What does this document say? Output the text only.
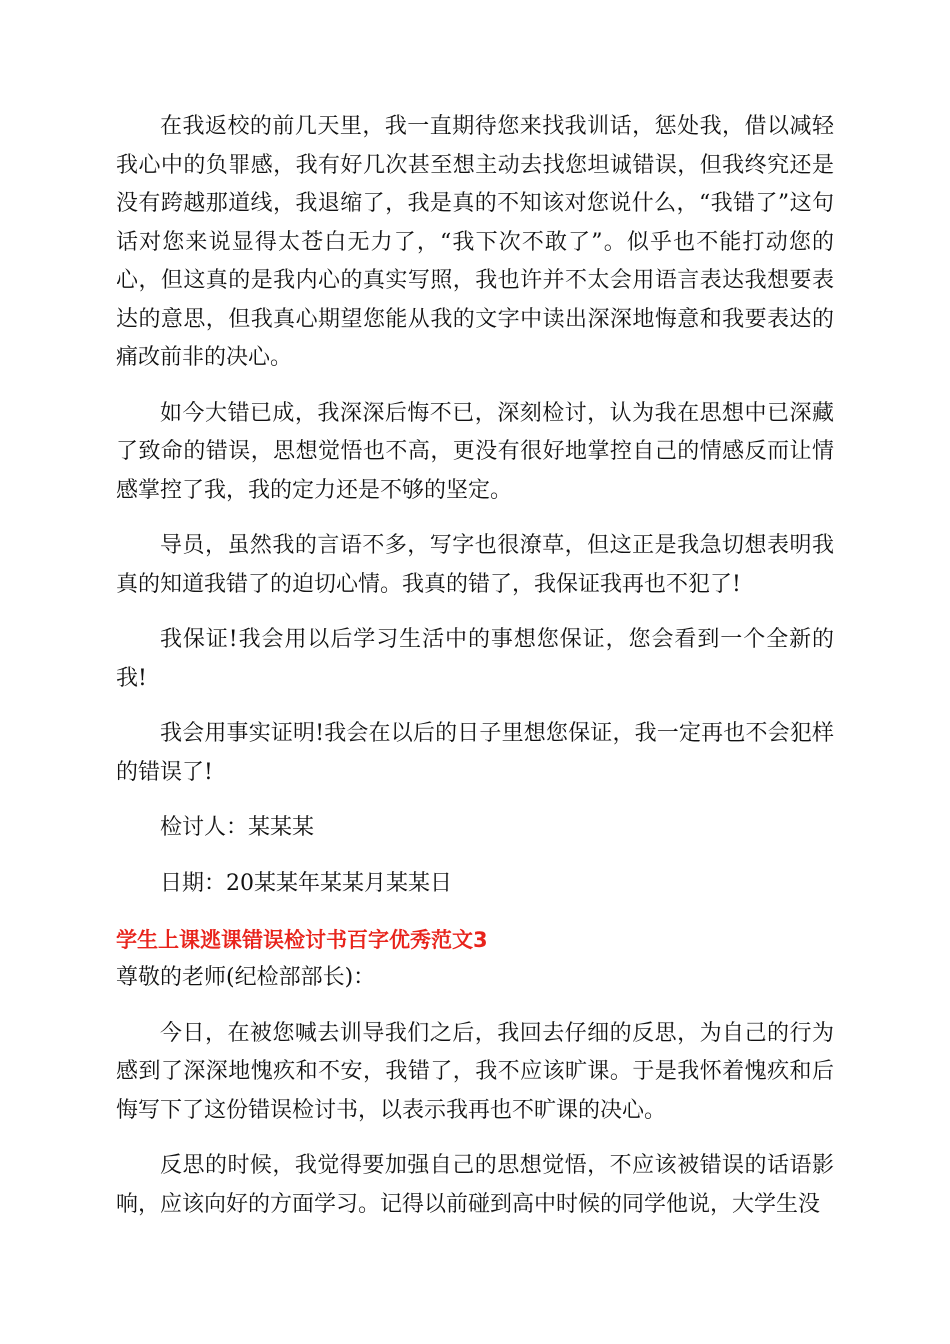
在我返校的前几天里，我一直期待您来找我训话，惩处我，借以减轻我心中的负罪感，我有好几次甚至想主动去找您坦诚错误，但我终究还是没有跨越那道线，我退缩了，我是真的不知该对您说什么，“我错了”这句话对您来说显得太苍白无力了，“我下次不敢了”。似乎也不能打动您的心，但这真的是我内心的真实写照，我也许并不太会用语言表达我想要表达的意思，但我真心期望您能从我的文字中读出深深地悔意和我要表达的痛改前非的决心。

如今大错已成，我深深后悔不已，深刻检讨，认为我在思想中已深藏了致命的错误，思想觉悟也不高，更没有很好地掌控自己的情感反而让情感掌控了我，我的定力还是不够的坚定。

导员，虽然我的言语不多，写字也很潦草，但这正是我急切想表明我真的知道我错了的迫切心情。我真的错了，我保证我再也不犯了!

我保证!我会用以后学习生活中的事想您保证，您会看到一个全新的我!

我会用事实证明!我会在以后的日子里想您保证，我一定再也不会犯样的错误了!

检讨人：某某某

日期：20某某年某某月某某日

学生上课逃课错误检讨书百字优秀范文3

尊敬的老师(纪检部部长)：

今日，在被您喊去训导我们之后，我回去仔细的反思，为自己的行为感到了深深地愧疚和不安，我错了，我不应该旷课。于是我怀着愧疚和后悔写下了这份错误检讨书，以表示我再也不旷课的决心。

反思的时候，我觉得要加强自己的思想觉悟，不应该被错误的话语影响，应该向好的方面学习。记得以前碰到高中时候的同学他说，大学生没
